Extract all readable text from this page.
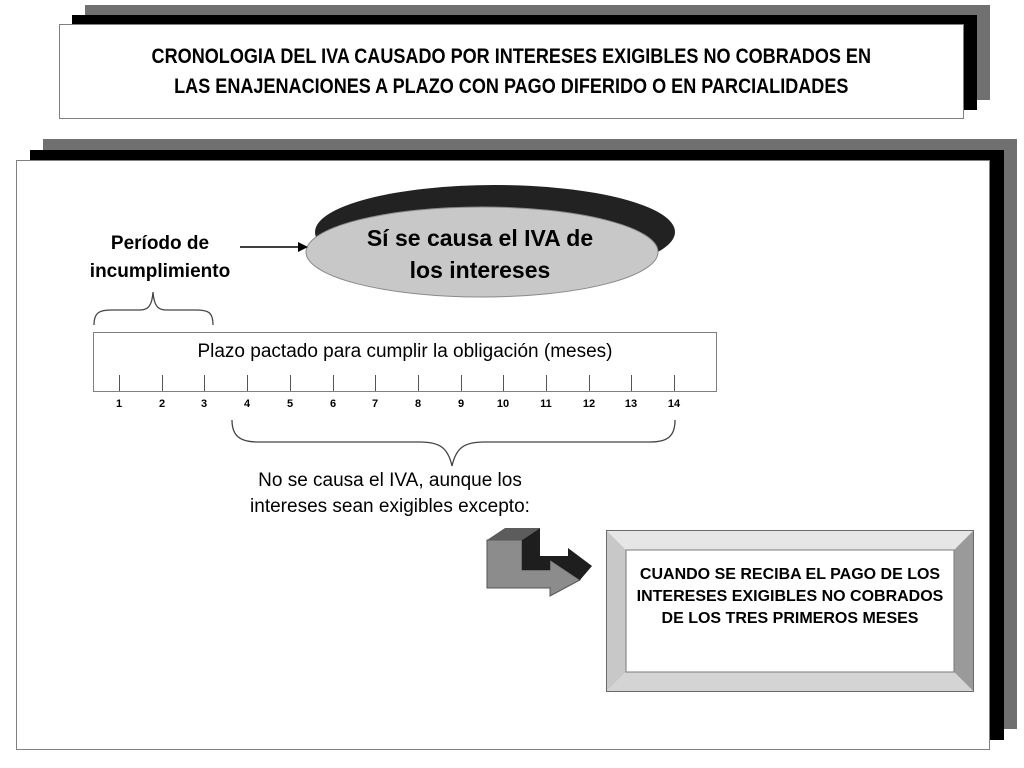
CRONOLOGIA DEL IVA CAUSADO POR INTERESES EXIGIBLES NO COBRADOS EN
LAS ENAJENACIONES A PLAZO CON PAGO DIFERIDO O EN PARCIALIDADES
Período de
incumplimiento
Sí se causa el IVA de
los intereses
Plazo pactado para cumplir la obligación (meses)
1	2	3	4	5	6	7	8	9	10	11	12	13	14
No se causa el IVA, aunque los
intereses sean exigibles excepto:
CUANDO SE RECIBA EL PAGO DE LOS
INTERESES EXIGIBLES NO COBRADOS
DE LOS TRES PRIMEROS MESES
